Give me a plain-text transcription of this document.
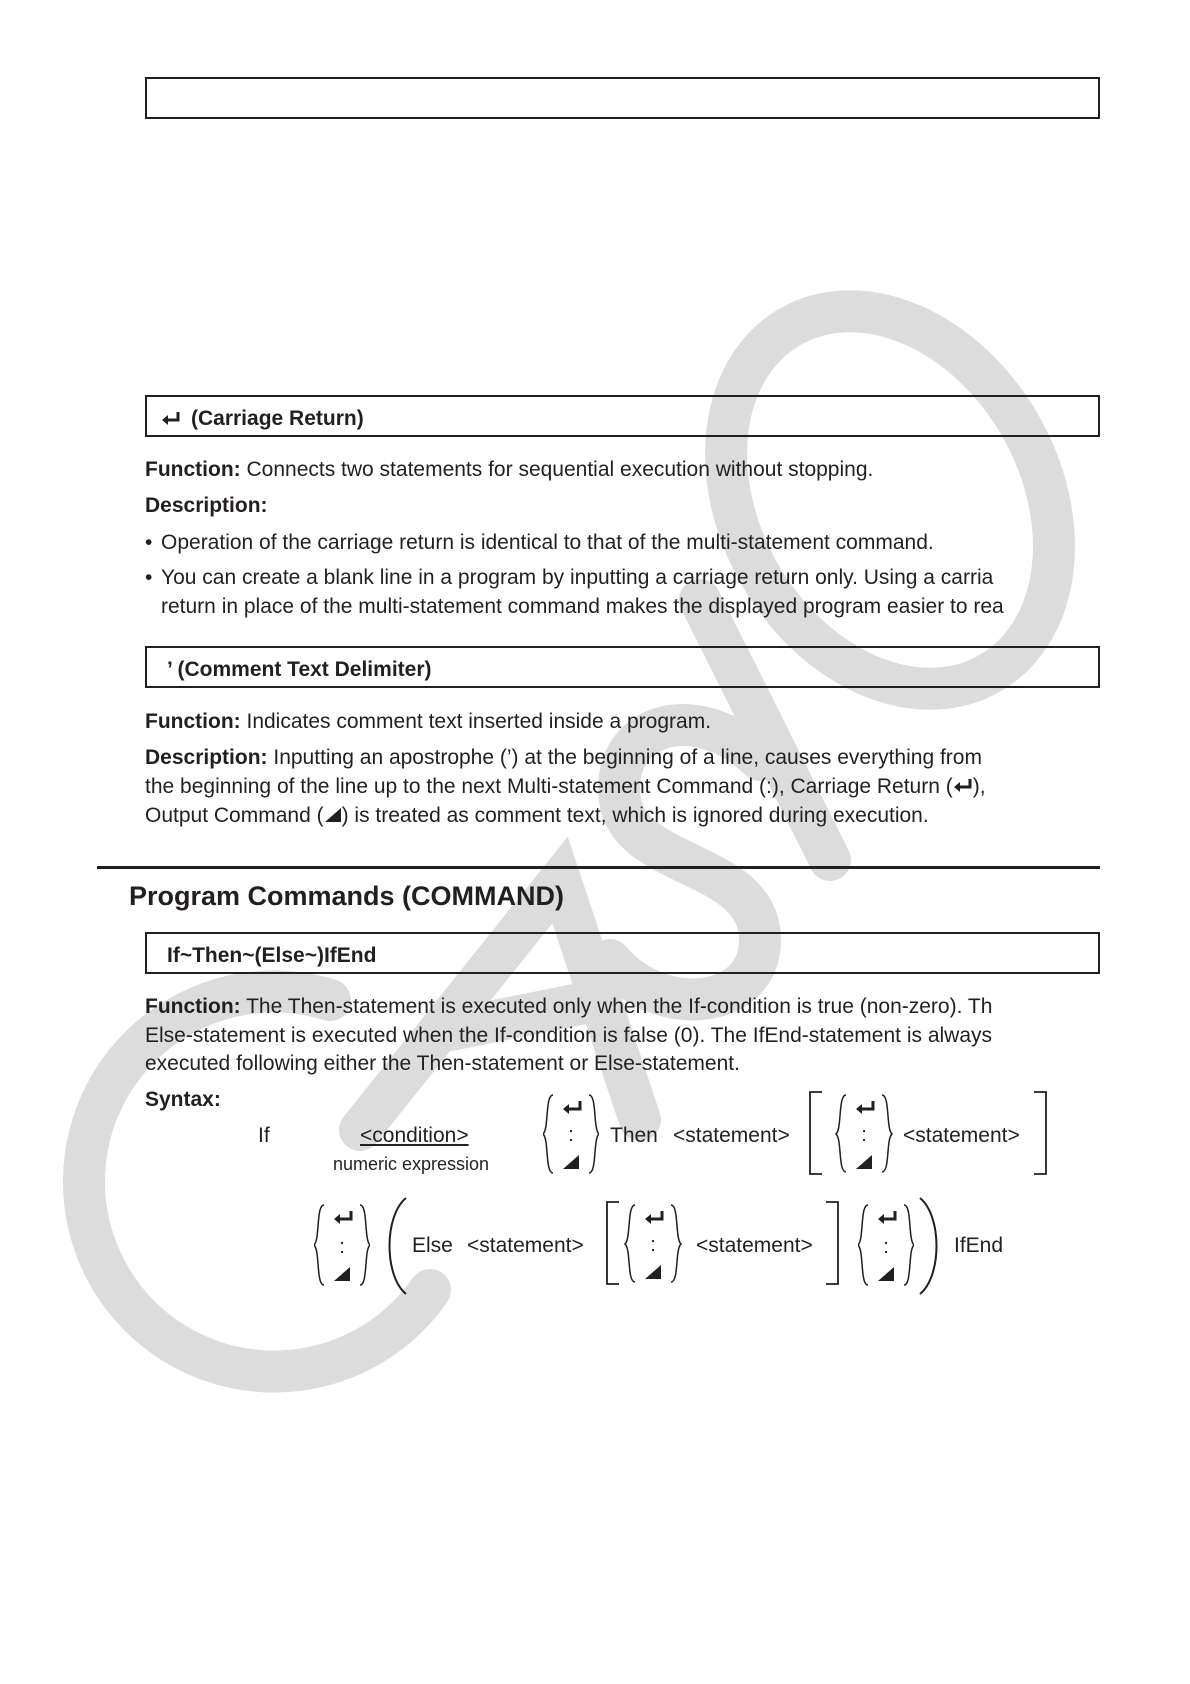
(Carriage Return)
Function: Connects two statements for sequential execution without stopping.
Description:
• Operation of the carriage return is identical to that of the multi-statement command.
• You can create a blank line in a program by inputting a carriage return only. Using a carria
return in place of the multi-statement command makes the displayed program easier to rea
’ (Comment Text Delimiter)
Function: Indicates comment text inserted inside a program.
Description: Inputting an apostrophe (’) at the beginning of a line, causes everything from
the beginning of the line up to the next Multi-statement Command (:), Carriage Return ( ),
Output Command ( ) is treated as comment text, which is ignored during execution.
Program Commands (COMMAND)
If~Then~(Else~)IfEnd
Function: The Then-statement is executed only when the If-condition is true (non-zero). Th
Else-statement is executed when the If-condition is false (0). The IfEnd-statement is always
executed following either the Then-statement or Else-statement.
Syntax:
If	<condition>
numeric expression
: Then <statement>	: <statement>
:	Else <statement>	: <statement>	:	IfEnd
